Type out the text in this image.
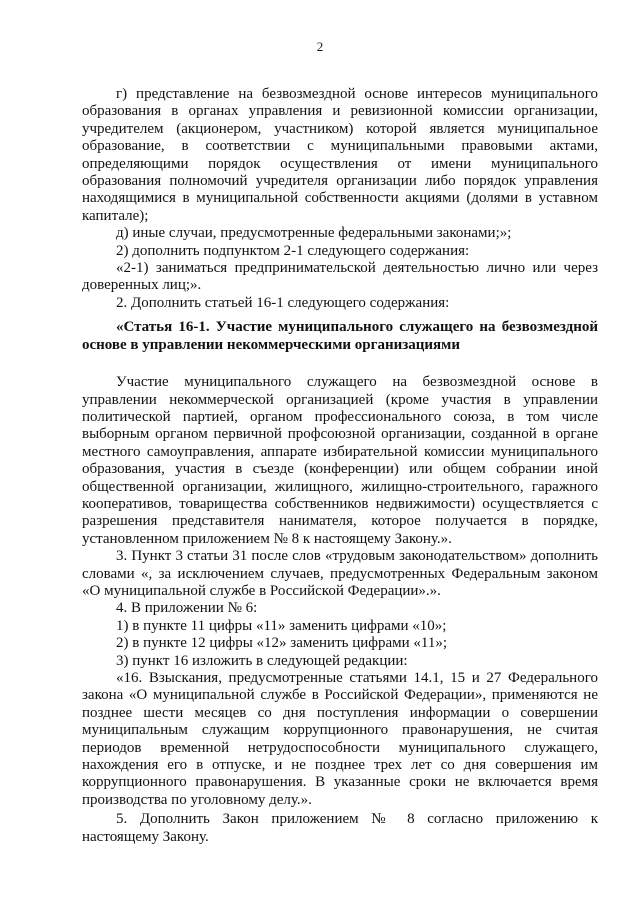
2

г) представление на безвозмездной основе интересов муниципального образования в органах управления и ревизионной комиссии организации, учредителем (акционером, участником) которой является муниципальное образование, в соответствии с муниципальными правовыми актами, определяющими порядок осуществления от имени муниципального образования полномочий учредителя организации либо порядок управления находящимися в муниципальной собственности акциями (долями в уставном капитале);

д) иные случаи, предусмотренные федеральными законами;»;

2) дополнить подпунктом 2-1 следующего содержания:

«2-1) заниматься предпринимательской деятельностью лично или через доверенных лиц;».

2. Дополнить статьей 16-1 следующего содержания:

«Статья 16-1. Участие муниципального служащего на безвозмездной основе в управлении некоммерческими организациями

Участие муниципального служащего на безвозмездной основе в управлении некоммерческой организацией (кроме участия в управлении политической партией, органом профессионального союза, в том числе выборным органом первичной профсоюзной организации, созданной в органе местного самоуправления, аппарате избирательной комиссии муниципального образования, участия в съезде (конференции) или общем собрании иной общественной организации, жилищного, жилищно-строительного, гаражного кооперативов, товарищества собственников недвижимости) осуществляется с разрешения представителя нанимателя, которое получается в порядке, установленном приложением № 8 к настоящему Закону.».

3. Пункт 3 статьи 31 после слов «трудовым законодательством» дополнить словами «, за исключением случаев, предусмотренных Федеральным законом «О муниципальной службе в Российской Федерации».».

4. В приложении № 6:

1) в пункте 11 цифры «11» заменить цифрами «10»;

2) в пункте 12 цифры «12» заменить цифрами «11»;

3) пункт 16 изложить в следующей редакции:

«16. Взыскания, предусмотренные статьями 14.1, 15 и 27 Федерального закона «О муниципальной службе в Российской Федерации», применяются не позднее шести месяцев со дня поступления информации о совершении муниципальным служащим коррупционного правонарушения, не считая периодов временной нетрудоспособности муниципального служащего, нахождения его в отпуске, и не позднее трех лет со дня совершения им коррупционного правонарушения. В указанные сроки не включается время производства по уголовному делу.».

5. Дополнить Закон приложением № 8 согласно приложению к настоящему Закону.
